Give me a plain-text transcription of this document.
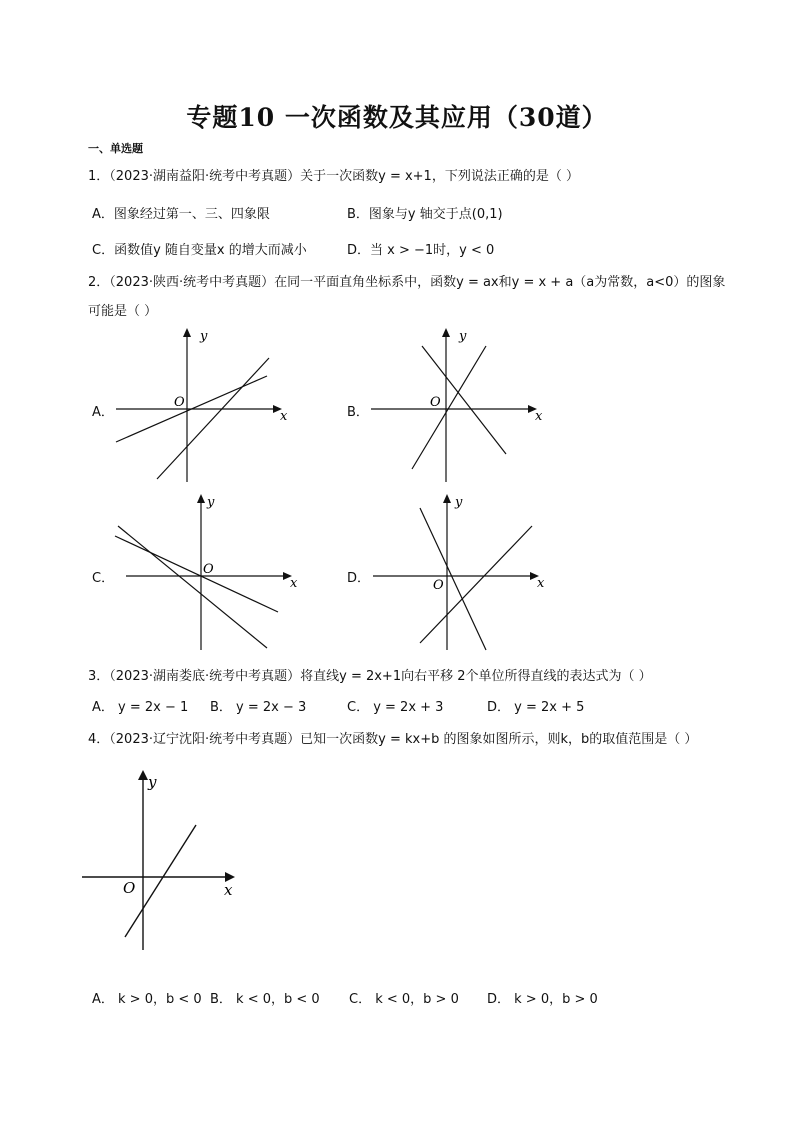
专题10 一次函数及其应用（30道）
一、单选题
1．（2023·湖南益阳·统考中考真题）关于一次函数y = x+1，下列说法正确的是（ ）
A．图象经过第一、三、四象限	B．图象与y 轴交于点(0,1)
C．函数值y 随自变量x 的增大而减小	D．当 x > −1时，y < 0
2．（2023·陕西·统考中考真题）在同一平面直角坐标系中，函数y = ax和y = x + a（a为常数，a<0）的图象
可能是（ ）
A．
y
x
O
B．
y
x
O
C．
y
x
O
D．
y
x
O
3．（2023·湖南娄底·统考中考真题）将直线y = 2x+1向右平移 2个单位所得直线的表达式为（ ）
A． y = 2x − 1 B． y = 2x − 3	C． y = 2x + 3	D． y = 2x + 5
4．（2023·辽宁沈阳·统考中考真题）已知一次函数y = kx+b 的图象如图所示，则k，b的取值范围是（ ）
y
x
O
A． k > 0，b < 0 B． k < 0，b < 0 C． k < 0，b > 0 D． k > 0，b > 0
